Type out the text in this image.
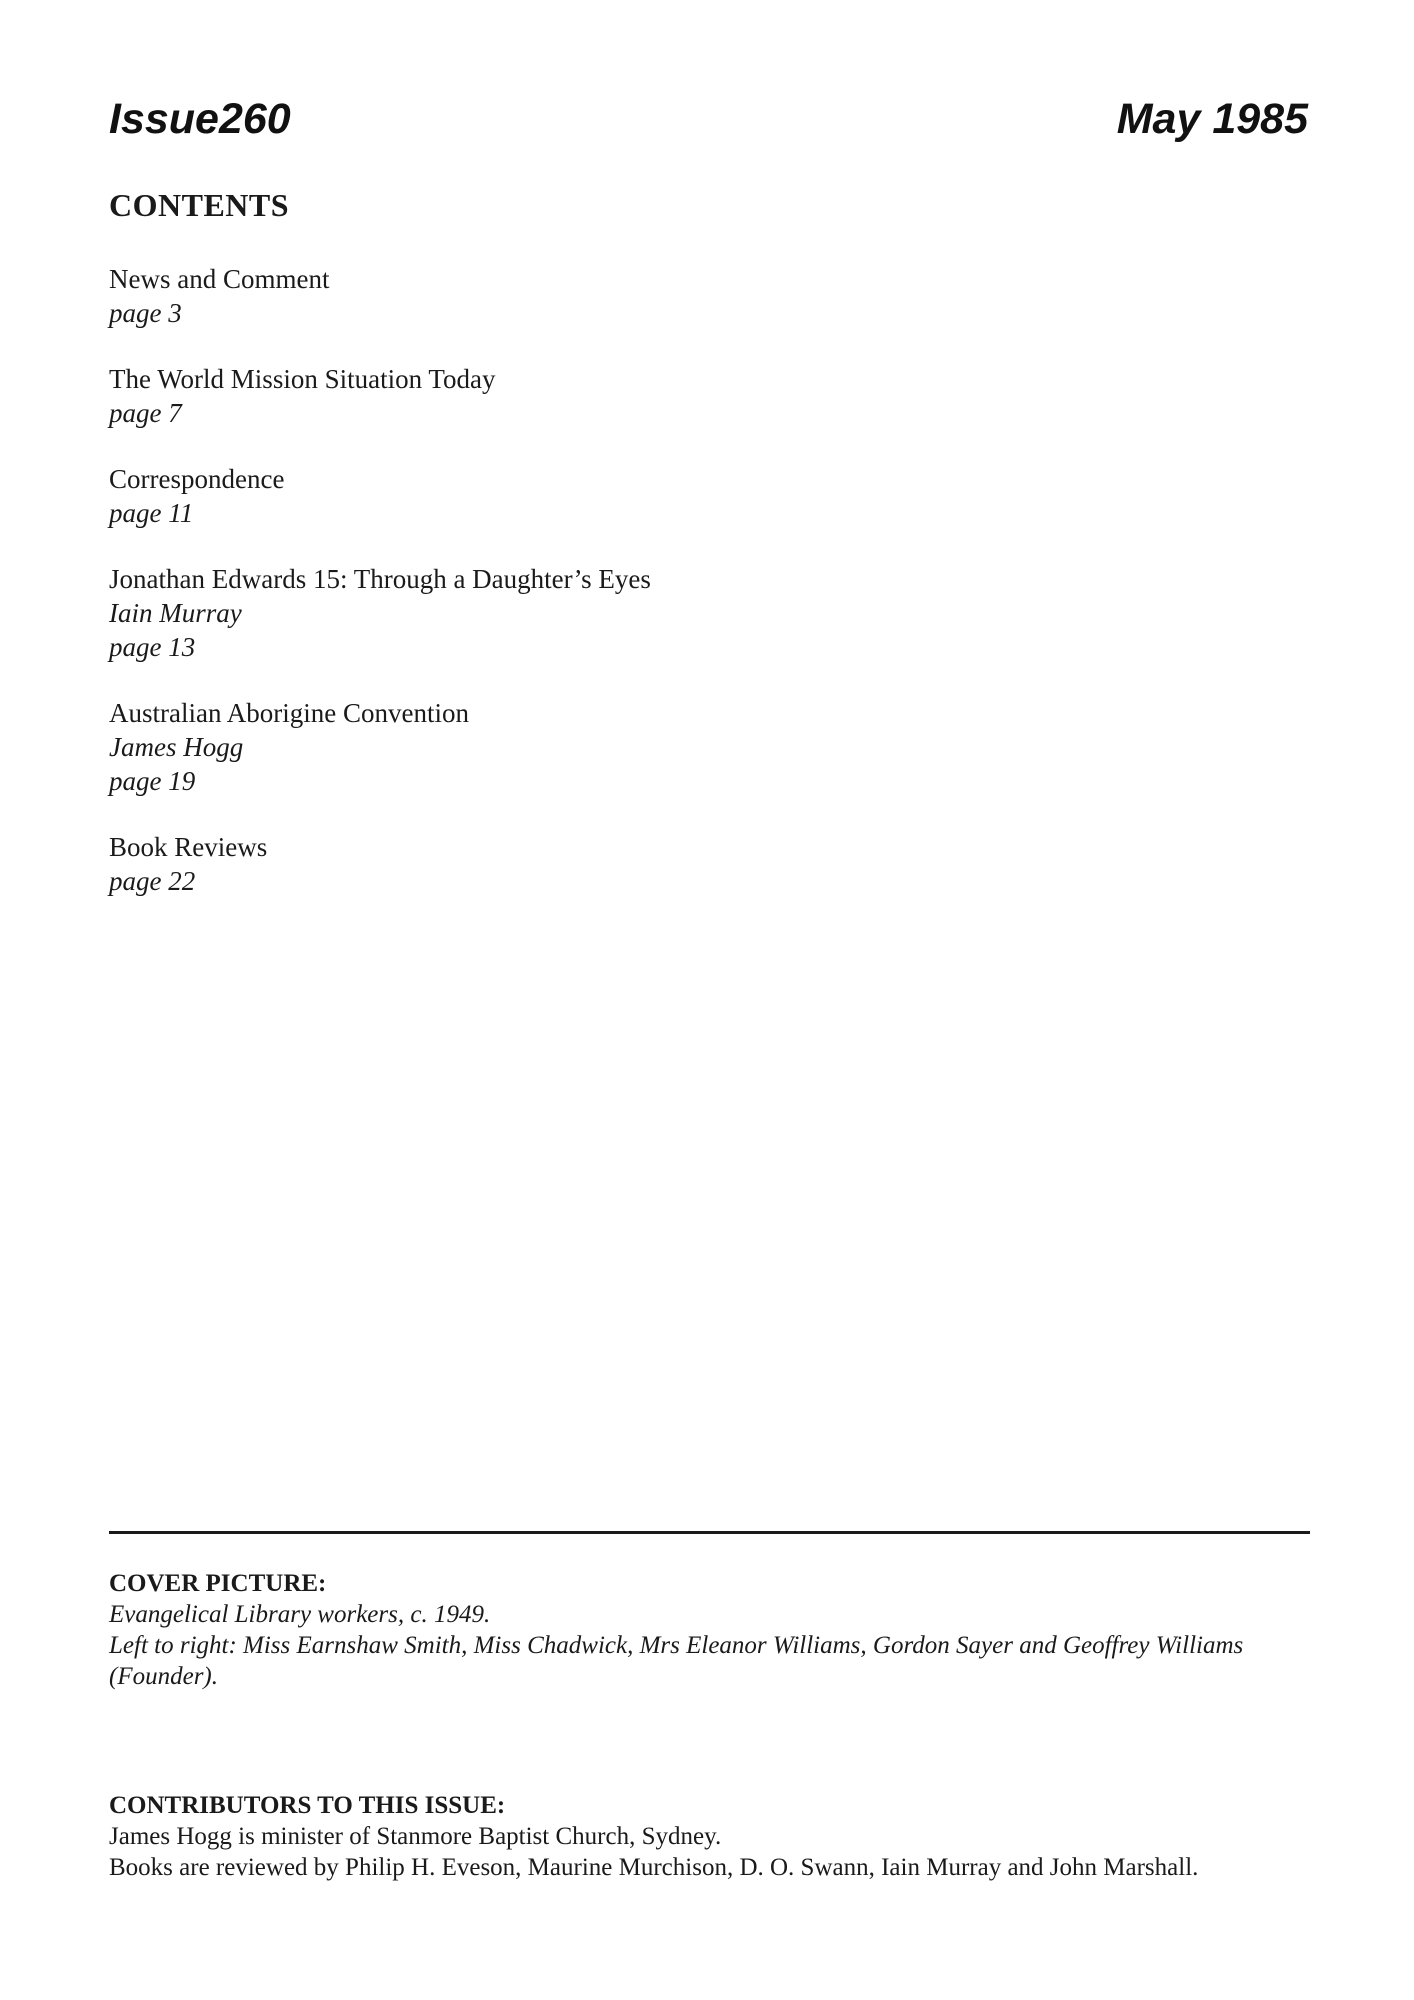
Issue260	May 1985
CONTENTS
News and Comment
page 3
The World Mission Situation Today
page 7
Correspondence
page 11
Jonathan Edwards 15: Through a Daughter’s Eyes
Iain Murray
page 13
Australian Aborigine Convention
James Hogg
page 19
Book Reviews
page 22
COVER PICTURE:
Evangelical Library workers, c. 1949.
Left to right: Miss Earnshaw Smith, Miss Chadwick, Mrs Eleanor Williams, Gordon Sayer and Geoffrey Williams (Founder).
CONTRIBUTORS TO THIS ISSUE:
James Hogg is minister of Stanmore Baptist Church, Sydney.
Books are reviewed by Philip H. Eveson, Maurine Murchison, D. O. Swann, Iain Murray and John Marshall.
